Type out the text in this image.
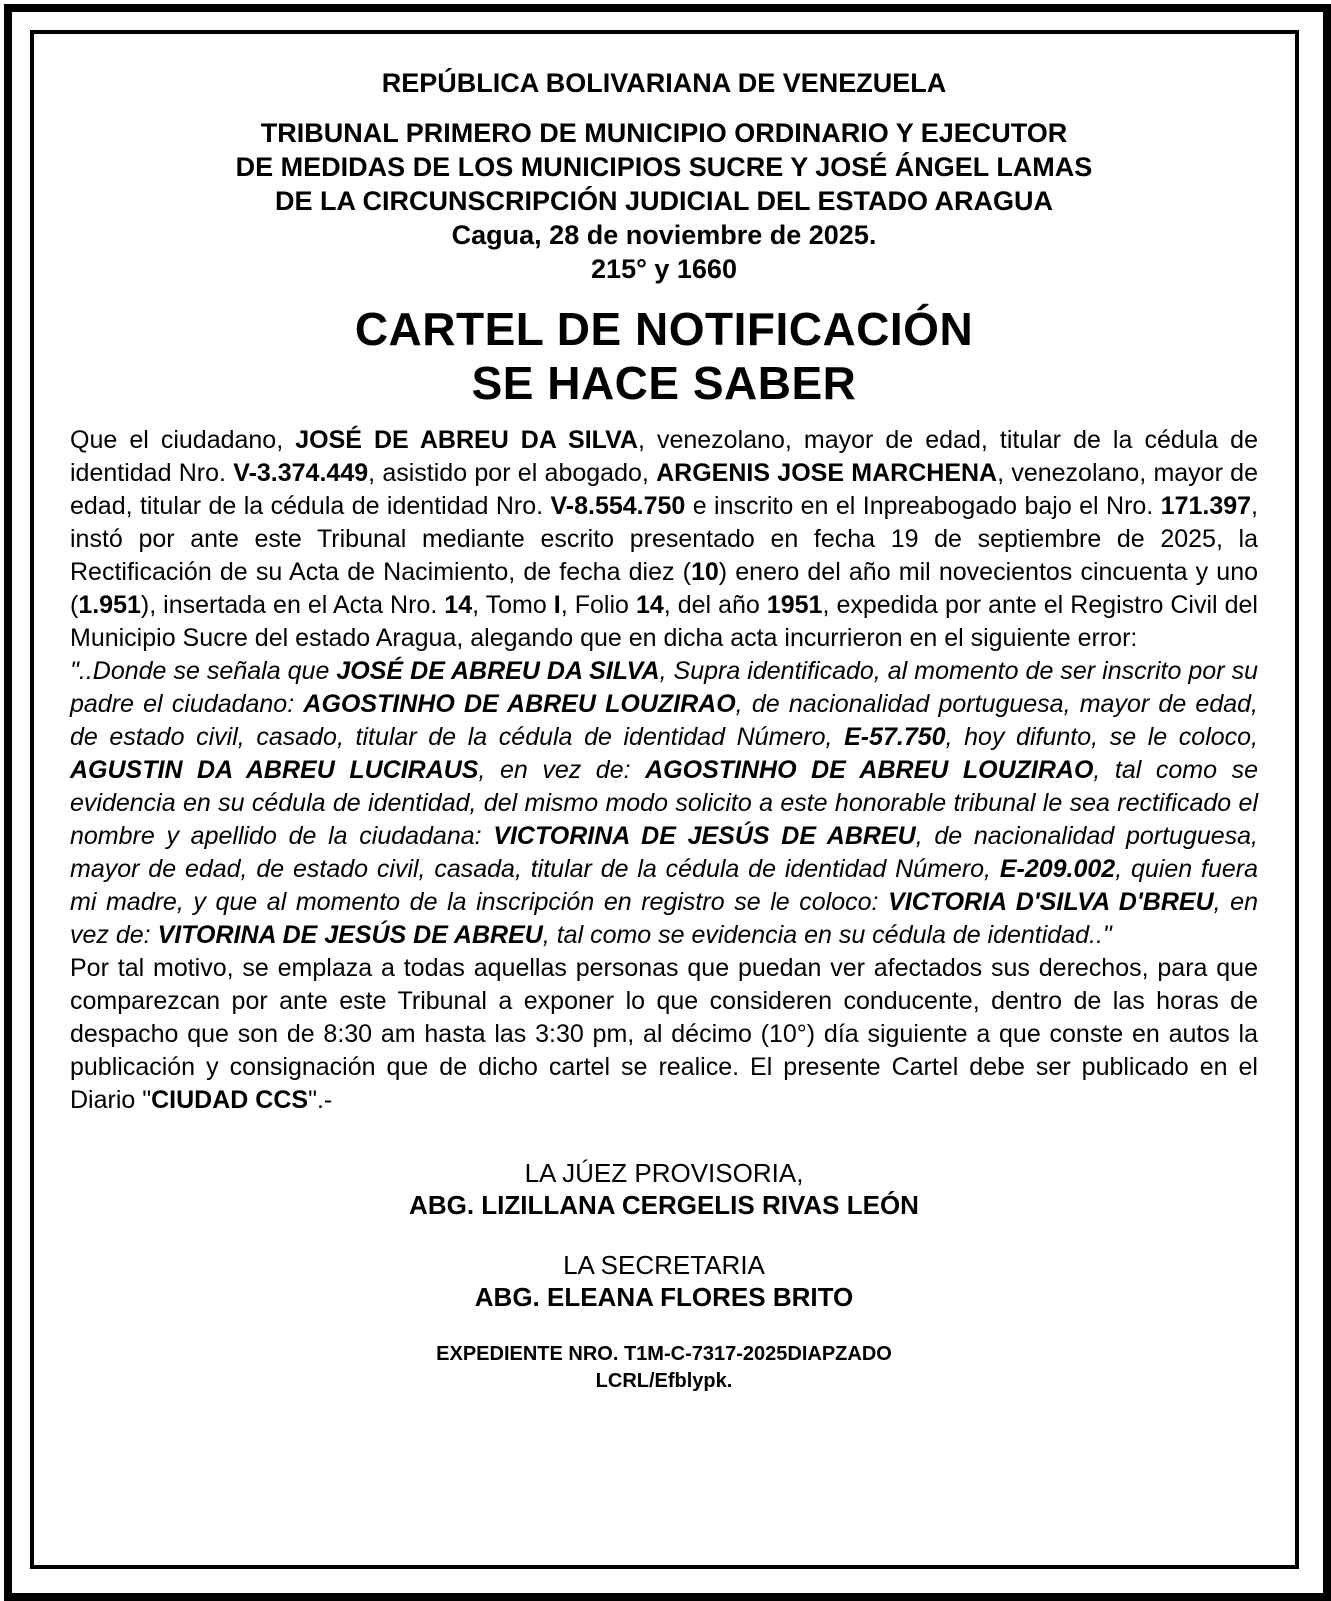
REPÚBLICA BOLIVARIANA DE VENEZUELA

TRIBUNAL PRIMERO DE MUNICIPIO ORDINARIO Y EJECUTOR

DE MEDIDAS DE LOS MUNICIPIOS SUCRE Y JOSÉ ÁNGEL LAMAS

DE LA CIRCUNSCRIPCIÓN JUDICIAL DEL ESTADO ARAGUA

Cagua, 28 de noviembre de 2025.

215° y 1660

CARTEL DE NOTIFICACIÓN
SE HACE SABER
Que el ciudadano, JOSÉ DE ABREU DA SILVA, venezolano, mayor de edad, titular de la cédula de identidad Nro. V-3.374.449, asistido por el abogado, ARGENIS JOSE MARCHENA, venezolano, mayor de edad, titular de la cédula de identidad Nro. V-8.554.750 e inscrito en el Inpreabogado bajo el Nro. 171.397, instó por ante este Tribunal mediante escrito presentado en fecha 19 de septiembre de 2025, la Rectificación de su Acta de Nacimiento, de fecha diez (10) enero del año mil novecientos cincuenta y uno (1.951), insertada en el Acta Nro. 14, Tomo I, Folio 14, del año 1951, expedida por ante el Registro Civil del Municipio Sucre del estado Aragua, alegando que en dicha acta incurrieron en el siguiente error:
"..Donde se señala que JOSÉ DE ABREU DA SILVA, Supra identificado, al momento de ser inscrito por su padre el ciudadano: AGOSTINHO DE ABREU LOUZIRAO, de nacionalidad portuguesa, mayor de edad, de estado civil, casado, titular de la cédula de identidad Número, E-57.750, hoy difunto, se le coloco, AGUSTIN DA ABREU LUCIRAUS, en vez de: AGOSTINHO DE ABREU LOUZIRAO, tal como se evidencia en su cédula de identidad, del mismo modo solicito a este honorable tribunal le sea rectificado el nombre y apellido de la ciudadana: VICTORINA DE JESÚS DE ABREU, de nacionalidad portuguesa, mayor de edad, de estado civil, casada, titular de la cédula de identidad Número, E-209.002, quien fuera mi madre, y que al momento de la inscripción en registro se le coloco: VICTORIA D'SILVA D'BREU, en vez de: VITORINA DE JESÚS DE ABREU, tal como se evidencia en su cédula de identidad.."
Por tal motivo, se emplaza a todas aquellas personas que puedan ver afectados sus derechos, para que comparezcan por ante este Tribunal a exponer lo que consideren conducente, dentro de las horas de despacho que son de 8:30 am hasta las 3:30 pm, al décimo (10°) día siguiente a que conste en autos la publicación y consignación que de dicho cartel se realice. El presente Cartel debe ser publicado en el Diario "CIUDAD CCS".-

LA JÚEZ PROVISORIA,

ABG. LIZILLANA CERGELIS RIVAS LEÓN

LA SECRETARIA

ABG. ELEANA FLORES BRITO

EXPEDIENTE NRO. T1M-C-7317-2025DIAPZADO

LCRL/Efblypk.
